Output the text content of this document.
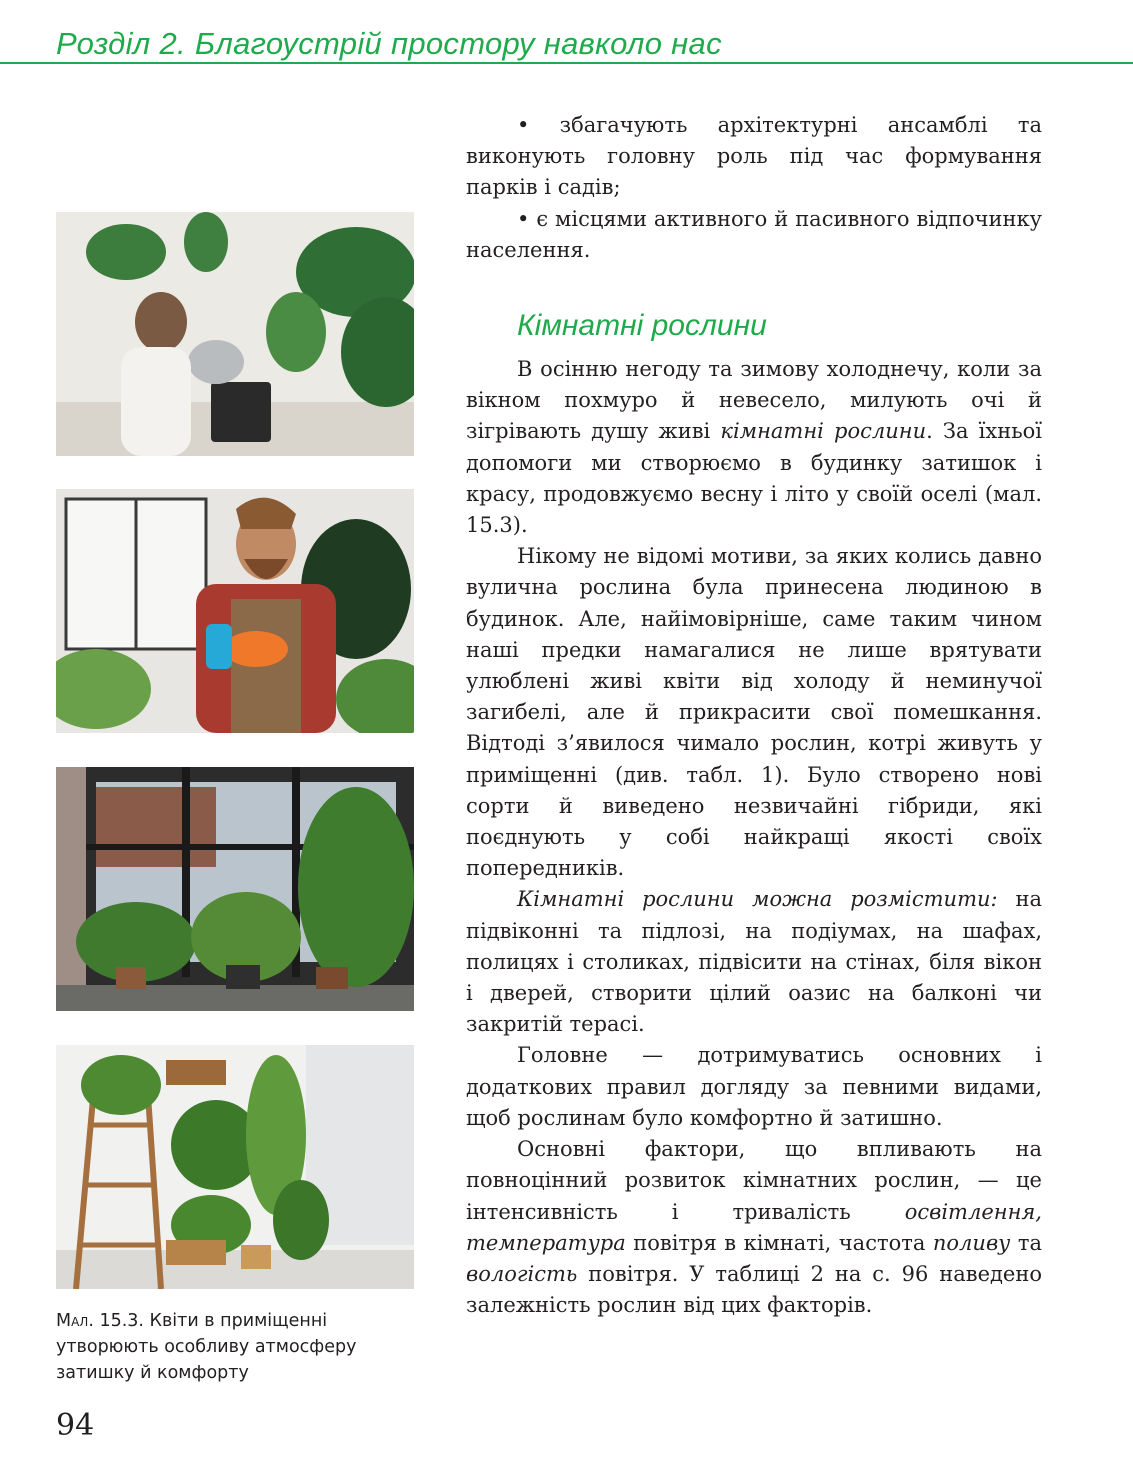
Розділ 2. Благоустрій простору навколо нас
Мал. 15.3. Квіти в приміщенні утворюють особливу атмосферу затишку й комфорту
94
• збагачують архітектурні ансамблі та виконують головну роль під час формування парків і садів;
• є місцями активного й пасивного відпочинку населення.
Кімнатні рослини

В осінню негоду та зимову холоднечу, коли за вікном похмуро й невесело, милують очі й зігрівають душу живі кімнатні рослини. За їхньої допомоги ми створюємо в будинку затишок і красу, продовжуємо весну і літо у своїй оселі (мал. 15.3).

Нікому не відомі мотиви, за яких колись давно вулична рослина була принесена людиною в будинок. Але, найімовірніше, саме таким чином наші предки намагалися не лише врятувати улюблені живі квіти від холоду й неминучої загибелі, але й прикрасити свої помешкання. Відтоді з’явилося чимало рослин, котрі живуть у приміщенні (див. табл. 1). Було створено нові сорти й виведено незвичайні гібриди, які поєднують у собі найкращі якості своїх попередників.

Кімнатні рослини можна розмістити: на підвіконні та підлозі, на подіумах, на шафах, полицях і столиках, підвісити на стінах, біля вікон і дверей, створити цілий оазис на балконі чи закритій терасі.

Головне — дотримуватись основних і додаткових правил догляду за певними видами, щоб рослинам було комфортно й затишно.

Основні фактори, що впливають на повноцінний розвиток кімнатних рослин, — це інтенсивність і тривалість освітлення, температура повітря в кімнаті, частота поливу та вологість повітря. У таблиці 2 на с. 96 наведено залежність рослин від цих факторів.
